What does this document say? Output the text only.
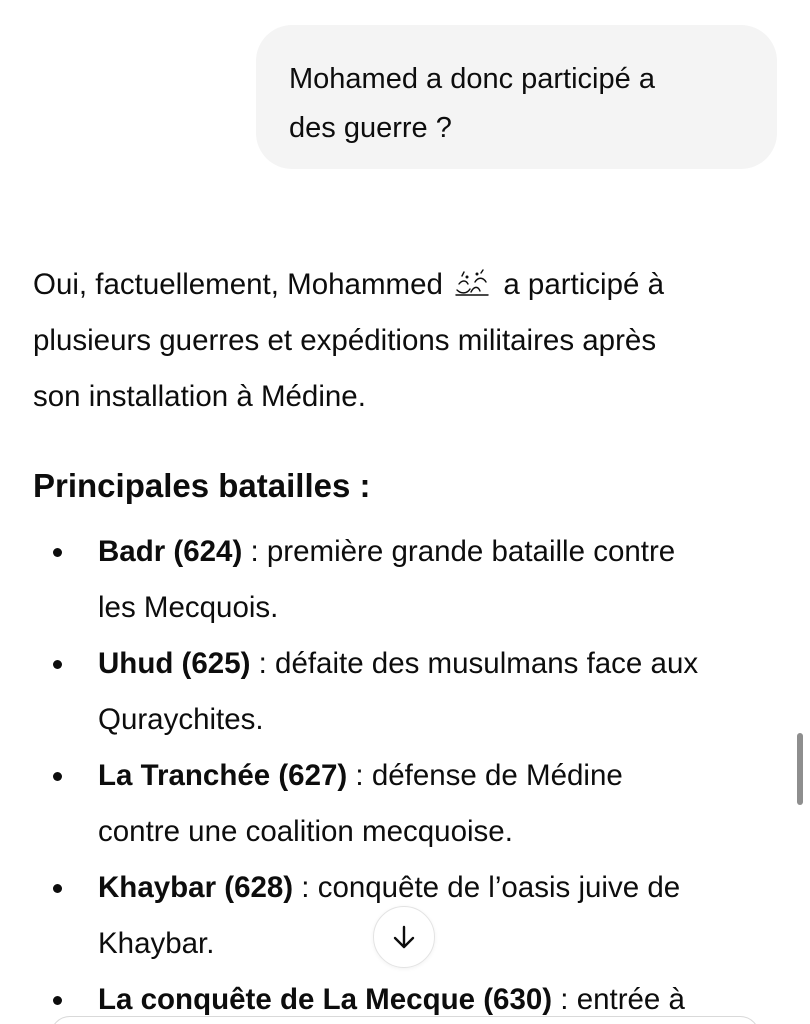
Mohamed a donc participé a
des guerre ?

Oui, factuellement, Mohammed a participé à
plusieurs guerres et expéditions militaires après
son installation à Médine.

Principales batailles :
Badr (624) : première grande bataille contre
les Mecquois.
Uhud (625) : défaite des musulmans face aux
Quraychites.
La Tranchée (627) : défense de Médine
contre une coalition mecquoise.
Khaybar (628) : conquête de l’oasis juive de
Khaybar.
La conquête de La Mecque (630) : entrée à
